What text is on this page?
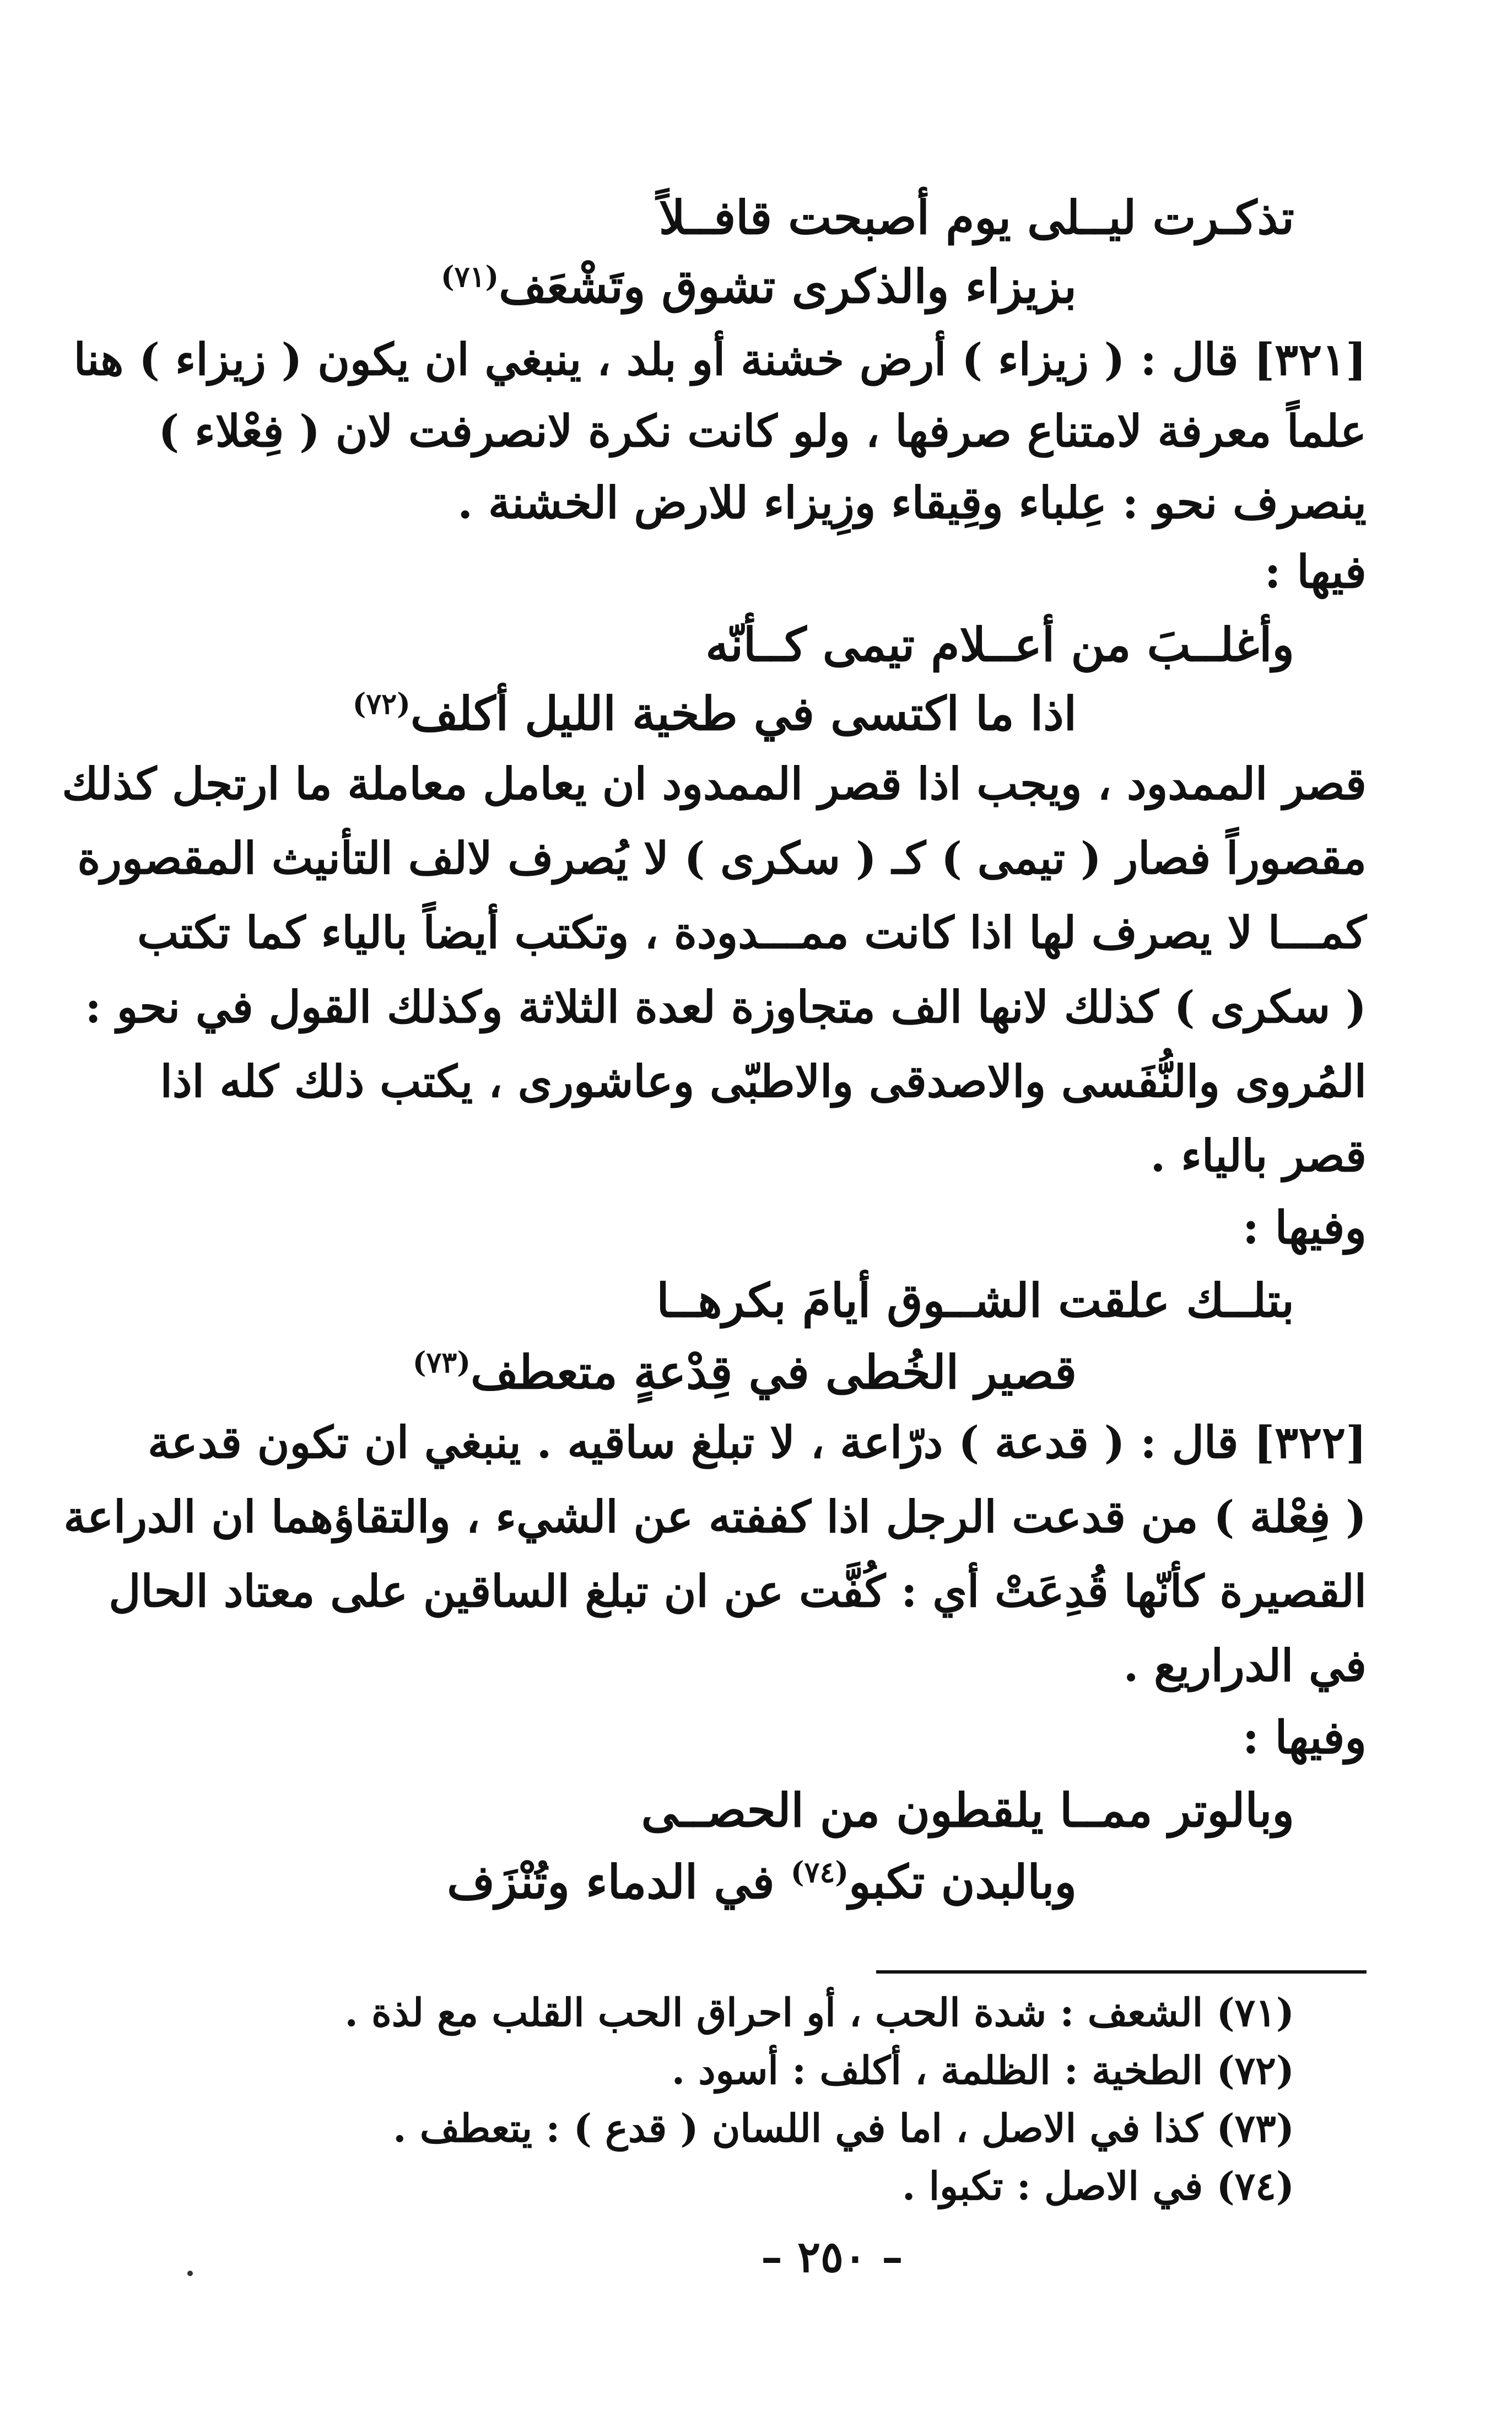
تذكـرت ليــلى يوم أصبحت قافــلاً
بزيزاء والذكرى تشوق وتَشْعَف$^{(٧١)}$
[٣٢١] قال : ( زيزاء ) أرض خشنة أو بلد ، ينبغي ان يكون ( زيزاء ) هنا
علماً معرفة لامتناع صرفها ، ولو كانت نكرة لانصرفت لان ( فِعْلاء )
ينصرف نحو : عِلباء وقِيقاء وزِيزاء للارض الخشنة .
فيها :
وأغلــبَ من أعــلام تيمى كــأنّه
اذا ما اكتسى في طخية الليل أكلف$^{(٧٢)}$
قصر الممدود ، ويجب اذا قصر الممدود ان يعامل معاملة ما ارتجل كذلك
مقصوراً فصار ( تيمى ) كـ ( سكرى ) لا يُصرف لالف التأنيث المقصورة
كمـــا لا يصرف لها اذا كانت ممـــدودة ، وتكتب أيضاً بالياء كما تكتب
( سكرى ) كذلك لانها الف متجاوزة لعدة الثلاثة وكذلك القول في نحو :
المُروى والنُّفَسى والاصدقى والاطبّى وعاشورى ، يكتب ذلك كله اذا
قصر بالياء .
وفيها :
بتلــك علقت الشــوق أيامَ بكرهــا
قصير الخُطى في قِدْعةٍ متعطف$^{(٧٣)}$
[٣٢٢] قال : ( قدعة ) درّاعة ، لا تبلغ ساقيه . ينبغي ان تكون قدعة
( فِعْلة ) من قدعت الرجل اذا كففته عن الشيء ، والتقاؤهما ان الدراعة
القصيرة كأنّها قُدِعَتْ أي : كُفَّت عن ان تبلغ الساقين على معتاد الحال
في الدراريع .
وفيها :
وبالوتر ممــا يلقطون من الحصــى
وبالبدن تكبو$^{(٧٤)}$ في الدماء وتُنْزَف
(٧١) الشعف : شدة الحب ، أو احراق الحب القلب مع لذة .
(٧٢) الطخية : الظلمة ، أكلف : أسود .
(٧٣) كذا في الاصل ، اما في اللسان ( قدع ) : يتعطف .
(٧٤) في الاصل : تكبوا .
– ٢٥٠ –
